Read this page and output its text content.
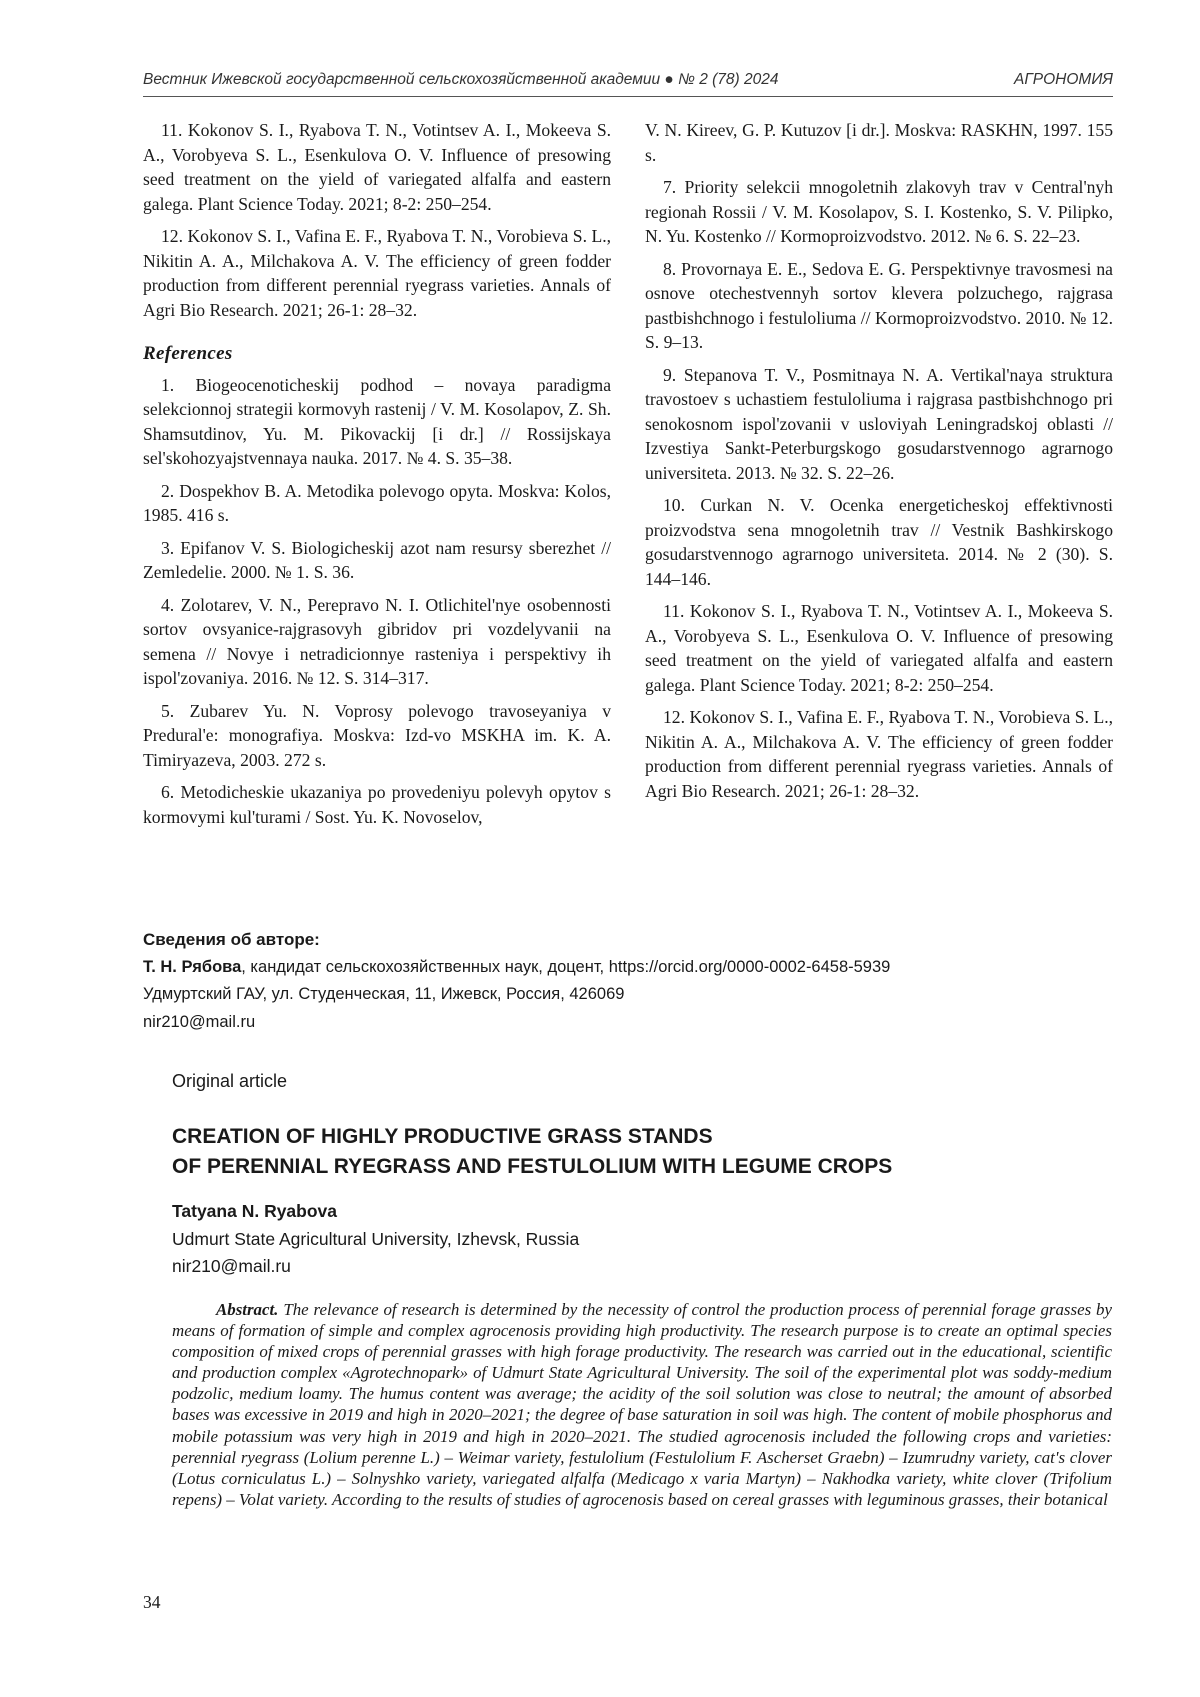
Вестник Ижевской государственной сельскохозяйственной академии ● № 2 (78) 2024	АГРОНОМИЯ

11. Kokonov S. I., Ryabova T. N., Votintsev A. I., Mokeeva S. A., Vorobyeva S. L., Esenkulova O. V. Influence of presowing seed treatment on the yield of variegated alfalfa and eastern galega. Plant Science Today. 2021; 8-2: 250–254.

12. Kokonov S. I., Vafina E. F., Ryabova T. N., Vorobieva S. L., Nikitin A. A., Milchakova A. V. The efficiency of green fodder production from different perennial ryegrass varieties. Annals of Agri Bio Research. 2021; 26-1: 28–32.

References

1. Biogeocenoticheskij podhod – novaya paradigma selekcionnoj strategii kormovyh rastenij / V. M. Kosolapov, Z. Sh. Shamsutdinov, Yu. M. Pikovackij [i dr.] // Rossijskaya sel'skohozyajstvennaya nauka. 2017. № 4. S. 35–38.

2. Dospekhov B. A. Metodika polevogo opyta. Moskva: Kolos, 1985. 416 s.

3. Epifanov V. S. Biologicheskij azot nam resursy sberezhet // Zemledelie. 2000. № 1. S. 36.

4. Zolotarev, V. N., Perepravo N. I. Otlichitel'nye osobennosti sortov ovsyanice-rajgrasovyh gibridov pri vozdelyvanii na semena // Novye i netradicionnye rasteniya i perspektivy ih ispol'zovaniya. 2016. № 12. S. 314–317.

5. Zubarev Yu. N. Voprosy polevogo travoseyaniya v Predural'e: monografiya. Moskva: Izd-vo MSKHA im. K. A. Timiryazeva, 2003. 272 s.

6. Metodicheskie ukazaniya po provedeniyu polevyh opytov s kormovymi kul'turami / Sost. Yu. K. Novoselov,

V. N. Kireev, G. P. Kutuzov [i dr.]. Moskva: RASKHN, 1997. 155 s.

7. Priority selekcii mnogoletnih zlakovyh trav v Central'nyh regionah Rossii / V. M. Kosolapov, S. I. Kostenko, S. V. Pilipko, N. Yu. Kostenko // Kormoproizvodstvo. 2012. № 6. S. 22–23.

8. Provornaya E. E., Sedova E. G. Perspektivnye travosmesi na osnove otechestvennyh sortov klevera polzuchego, rajgrasa pastbishchnogo i festuloliuma // Kormoproizvodstvo. 2010. № 12. S. 9–13.

9. Stepanova T. V., Posmitnaya N. A. Vertikal'naya struktura travostoev s uchastiem festuloliuma i rajgrasa pastbishchnogo pri senokosnom ispol'zovanii v usloviyah Leningradskoj oblasti // Izvestiya Sankt-Peterburgskogo gosudarstvennogo agrarnogo universiteta. 2013. № 32. S. 22–26.

10. Curkan N. V. Ocenka energeticheskoj effektivnosti proizvodstva sena mnogoletnih trav // Vestnik Bashkirskogo gosudarstvennogo agrarnogo universiteta. 2014. № 2 (30). S. 144–146.

11. Kokonov S. I., Ryabova T. N., Votintsev A. I., Mokeeva S. A., Vorobyeva S. L., Esenkulova O. V. Influence of presowing seed treatment on the yield of variegated alfalfa and eastern galega. Plant Science Today. 2021; 8-2: 250–254.

12. Kokonov S. I., Vafina E. F., Ryabova T. N., Vorobieva S. L., Nikitin A. A., Milchakova A. V. The efficiency of green fodder production from different perennial ryegrass varieties. Annals of Agri Bio Research. 2021; 26-1: 28–32.

Сведения об авторе:
Т. Н. Рябова, кандидат сельскохозяйственных наук, доцент, https://orcid.org/0000-0002-6458-5939
Удмуртский ГАУ, ул. Студенческая, 11, Ижевск, Россия, 426069
nir210@mail.ru
Original article
CREATION OF HIGHLY PRODUCTIVE GRASS STANDS
OF PERENNIAL RYEGRASS AND FESTULOLIUM WITH LEGUME CROPS
Tatyana N. Ryabova
Udmurt State Agricultural University, Izhevsk, Russia
nir210@mail.ru

Abstract. The relevance of research is determined by the necessity of control the production process of perennial forage grasses by means of formation of simple and complex agrocenosis providing high productivity. The research purpose is to create an optimal species composition of mixed crops of perennial grasses with high forage productivity. The research was carried out in the educational, scientific and production complex «Agrotechnopark» of Udmurt State Agricultural University. The soil of the experimental plot was soddy-medium podzolic, medium loamy. The humus content was average; the acidity of the soil solution was close to neutral; the amount of absorbed bases was excessive in 2019 and high in 2020–2021; the degree of base saturation in soil was high. The content of mobile phosphorus and mobile potassium was very high in 2019 and high in 2020–2021. The studied agrocenosis included the following crops and varieties: perennial ryegrass (Lolium perenne L.) – Weimar variety, festulolium (Festulolium F. Ascherset Graebn) – Izumrudny variety, cat's clover (Lotus corniculatus L.) – Solnyshko variety, variegated alfalfa (Medicago x varia Martyn) – Nakhodka variety, white clover (Trifolium repens) – Volat variety. According to the results of studies of agrocenosis based on cereal grasses with leguminous grasses, their botanical

34
